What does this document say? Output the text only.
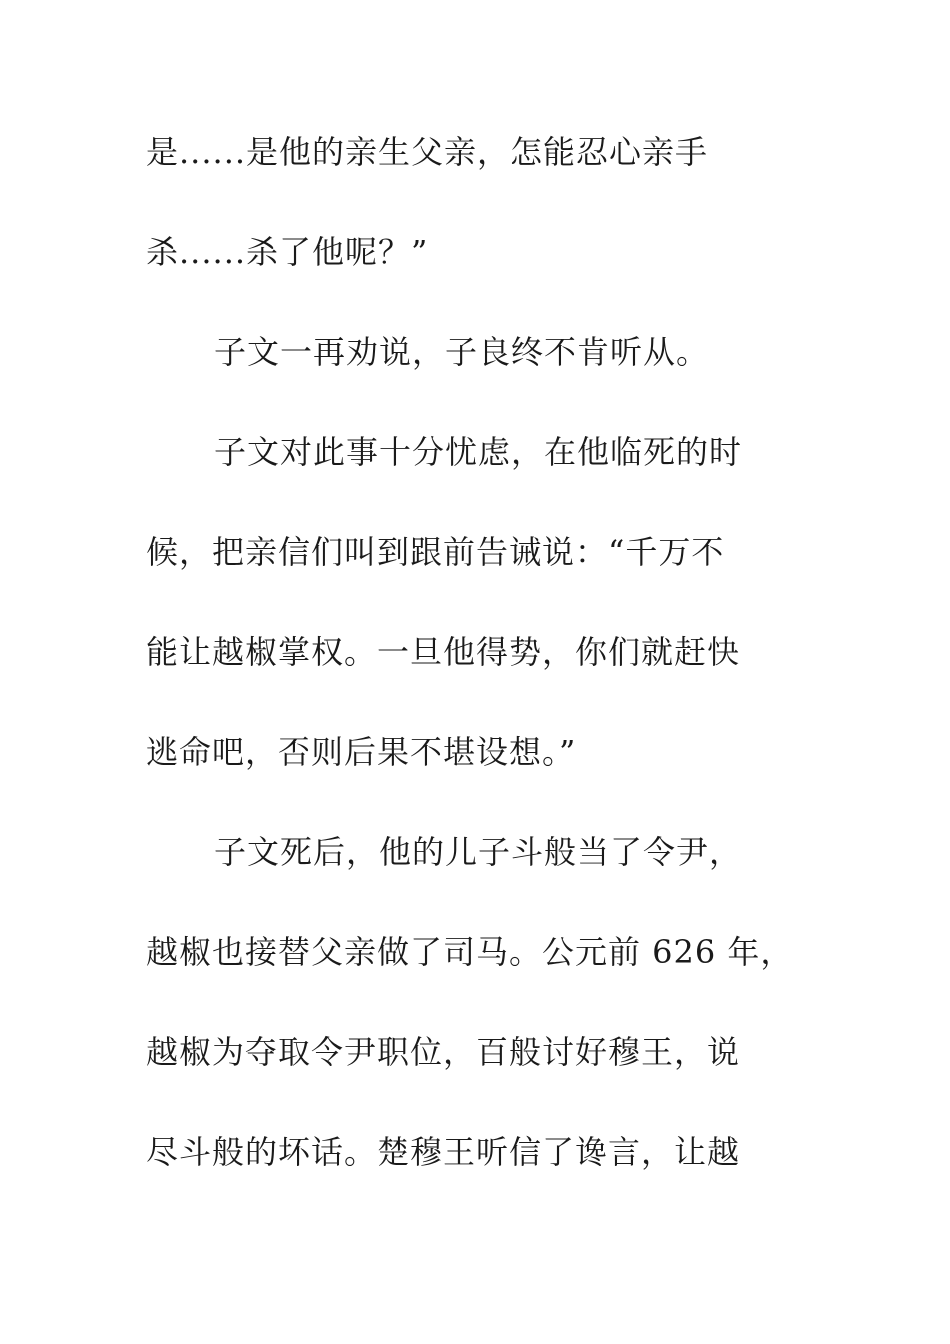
是......是他的亲生父亲，怎能忍心亲手
杀......杀了他呢？”
子文一再劝说，子良终不肯听从。
子文对此事十分忧虑，在他临死的时
候，把亲信们叫到跟前告诫说：“千万不
能让越椒掌权。一旦他得势，你们就赶快
逃命吧，否则后果不堪设想。”
子文死后，他的儿子斗般当了令尹，
越椒也接替父亲做了司马。公元前 626 年，
越椒为夺取令尹职位，百般讨好穆王，说
尽斗般的坏话。楚穆王听信了谗言，让越
